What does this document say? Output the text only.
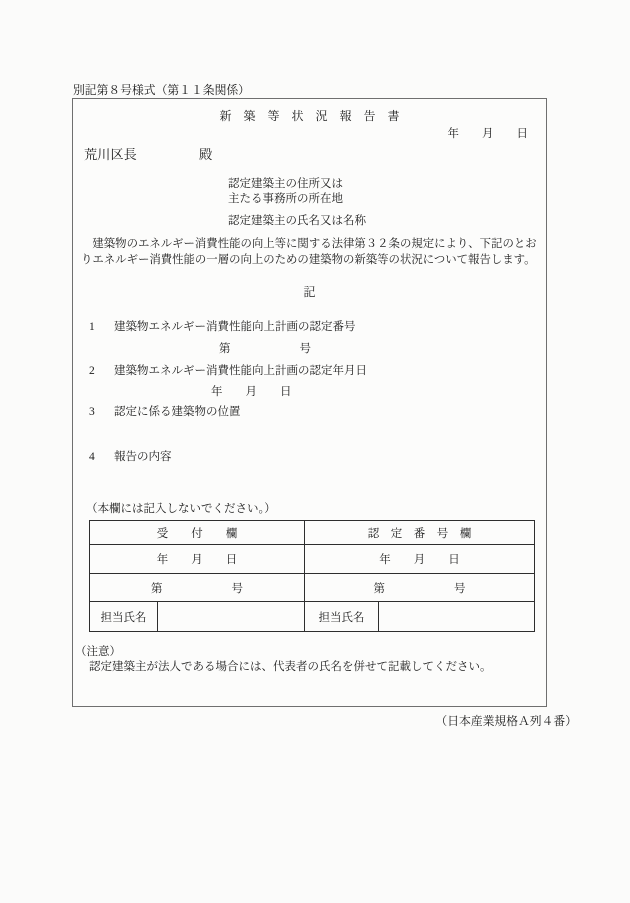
別記第８号様式（第１１条関係）
新　築　等　状　況　報　告　書
年　　月　　日
荒川区長	殿
認定建築主の住所又は
主たる事務所の所在地
認定建築主の氏名又は名称
建築物のエネルギー消費性能の向上等に関する法律第３２条の規定により、下記のとおりエネルギー消費性能の一層の向上のための建築物の新築等の状況について報告します。
記
1 建築物エネルギー消費性能向上計画の認定番号
第　　　　　　号
2 建築物エネルギー消費性能向上計画の認定年月日
年　　月　　日
3 認定に係る建築物の位置
4 報告の内容
（本欄には記入しないでください。）
受　　付　　欄		認　定　番　号　欄	
年　　月　　日		年　　月　　日	
第　　　　　　号		第　　　　　　号	
担当氏名		担当氏名	
（注意）
認定建築主が法人である場合には、代表者の氏名を併せて記載してください。
（日本産業規格Ａ列４番）
